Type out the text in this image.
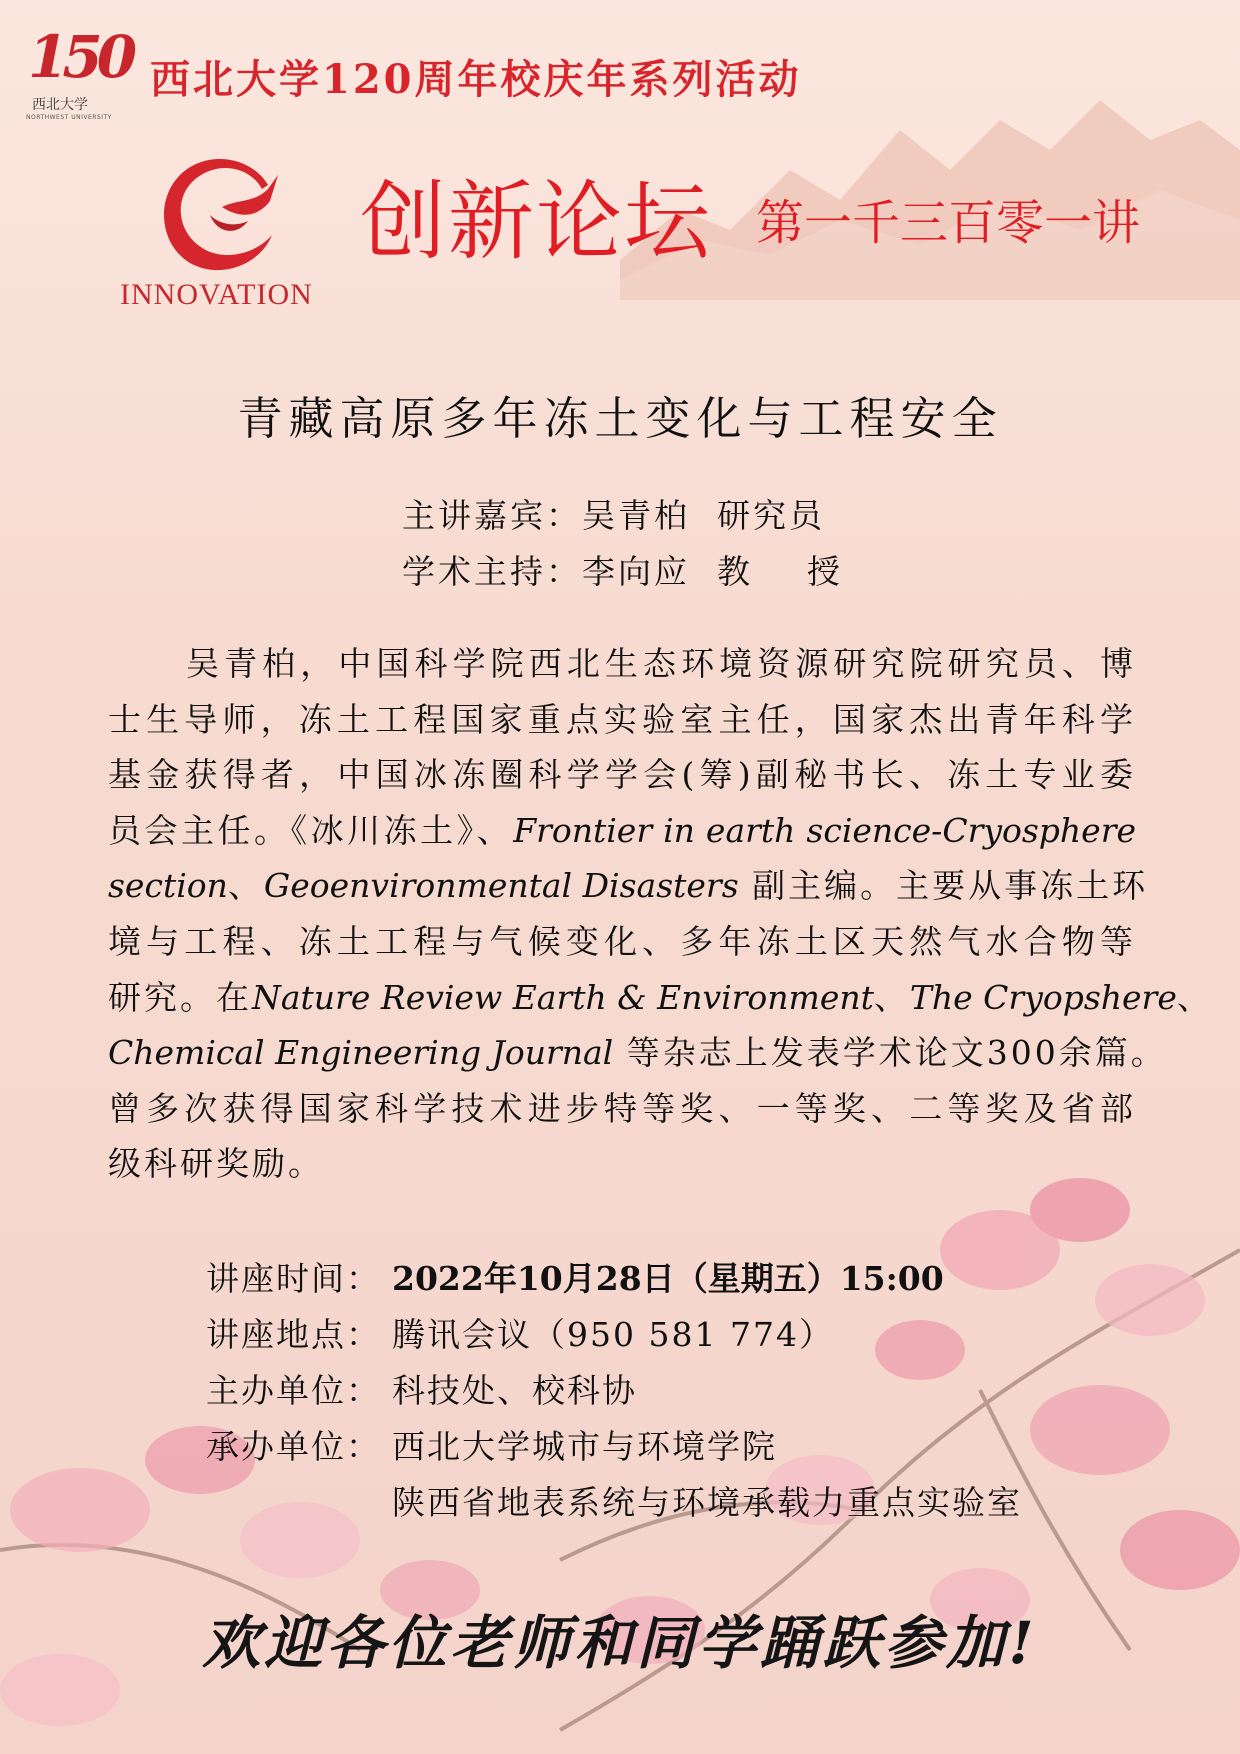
150
西北大学
NORTHWEST UNIVERSITY
西北大学120周年校庆年系列活动
INNOVATION
创新论坛 第一千三百零一讲
青藏高原多年冻土变化与工程安全
主讲嘉宾：吴青柏  研究员
学术主持：李向应  教    授
吴青柏，中国科学院西北生态环境资源研究院研究员、博
士生导师，冻土工程国家重点实验室主任，国家杰出青年科学
基金获得者，中国冰冻圈科学学会(筹)副秘书长、冻土专业委
员会主任。《冰川冻土》、Frontier in earth science-Cryosphere
section、Geoenvironmental Disasters 副主编。主要从事冻土环
境与工程、冻土工程与气候变化、多年冻土区天然气水合物等
研究。在Nature Review Earth & Environment、The Cryopshere、
Chemical Engineering Journal 等杂志上发表学术论文300余篇。
曾多次获得国家科学技术进步特等奖、一等奖、二等奖及省部
级科研奖励。
讲座时间： 2022年10月28日（星期五）15:00
讲座地点： 腾讯会议（950 581 774）
主办单位： 科技处、校科协
承办单位： 西北大学城市与环境学院
陕西省地表系统与环境承载力重点实验室
欢迎各位老师和同学踊跃参加!
